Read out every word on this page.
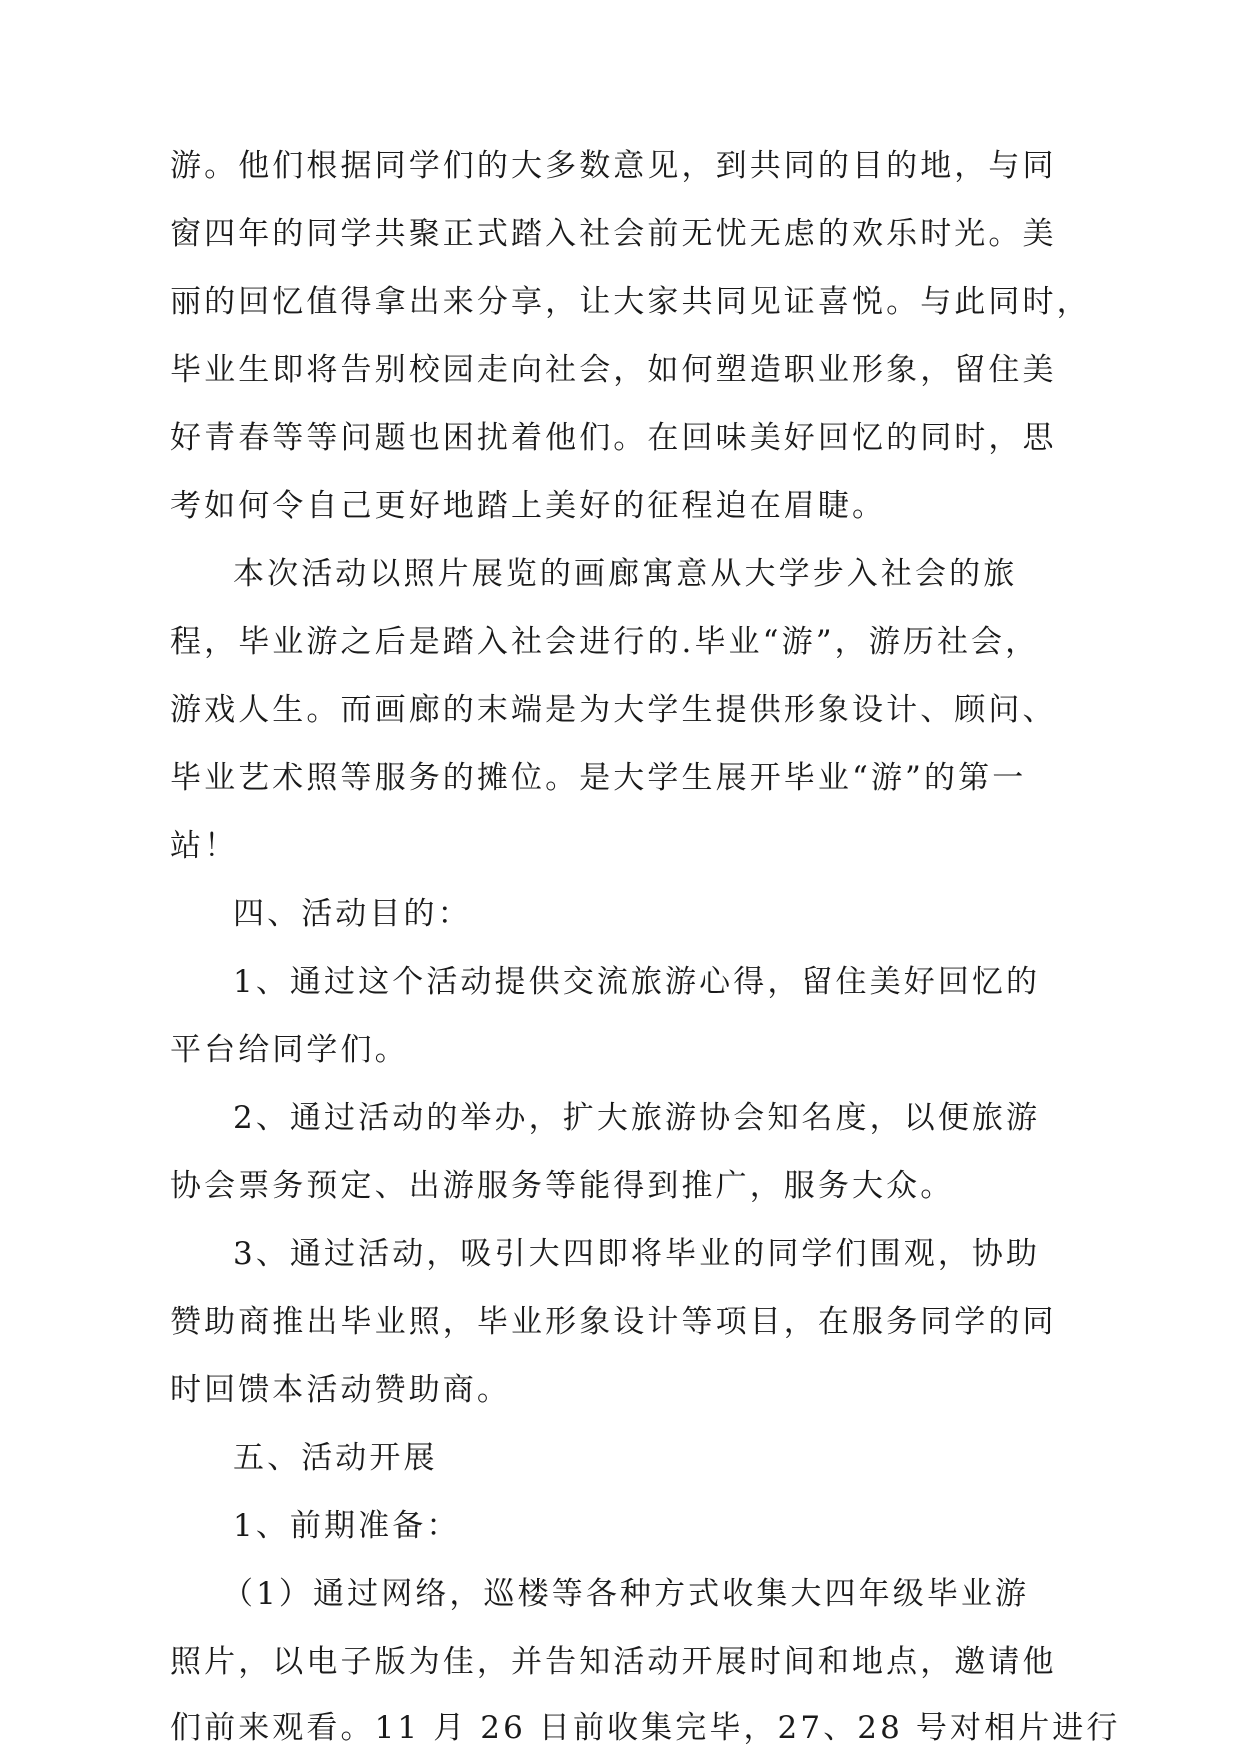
游。他们根据同学们的大多数意见，到共同的目的地，与同

窗四年的同学共聚正式踏入社会前无忧无虑的欢乐时光。美

丽的回忆值得拿出来分享，让大家共同见证喜悦。与此同时，

毕业生即将告别校园走向社会，如何塑造职业形象，留住美

好青春等等问题也困扰着他们。在回味美好回忆的同时，思

考如何令自己更好地踏上美好的征程迫在眉睫。

本次活动以照片展览的画廊寓意从大学步入社会的旅

程，毕业游之后是踏入社会进行的.毕业“游”，游历社会，

游戏人生。而画廊的末端是为大学生提供形象设计、顾问、

毕业艺术照等服务的摊位。是大学生展开毕业“游”的第一

站！

四、活动目的：

1、通过这个活动提供交流旅游心得，留住美好回忆的

平台给同学们。

2、通过活动的举办，扩大旅游协会知名度，以便旅游

协会票务预定、出游服务等能得到推广，服务大众。

3、通过活动，吸引大四即将毕业的同学们围观，协助

赞助商推出毕业照，毕业形象设计等项目，在服务同学的同

时回馈本活动赞助商。

五、活动开展

1、前期准备：

（1）通过网络，巡楼等各种方式收集大四年级毕业游

照片，以电子版为佳，并告知活动开展时间和地点，邀请他

们前来观看。11 月 26 日前收集完毕，27、28 号对相片进行
